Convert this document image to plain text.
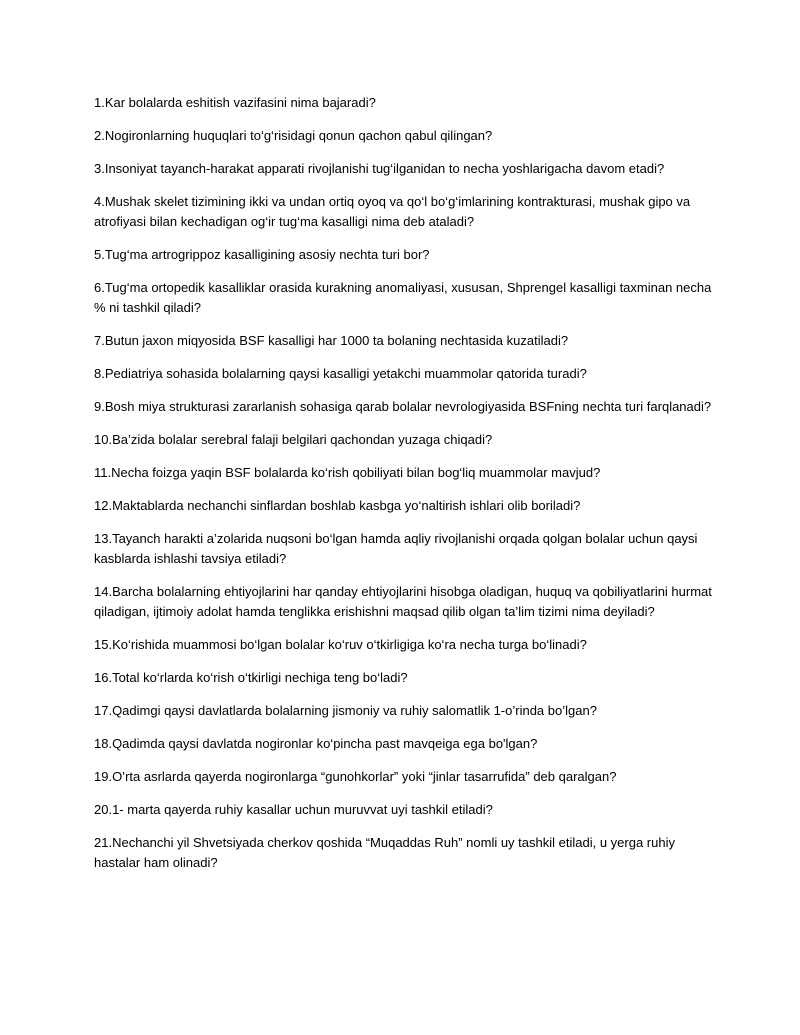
1.Kar bolalarda eshitish vazifasini nima bajaradi?
2.Nogironlarning huquqlari to‘g‘risidagi qonun qachon qabul qilingan?
3.Insoniyat tayanch-harakat apparati rivojlanishi tug‘ilganidan to necha yoshlarigacha davom etadi?
4.Mushak skelet tizimining ikki va undan ortiq oyoq va qo‘l bo‘g‘imlarining kontrakturasi, mushak gipo va atrofiyasi bilan kechadigan og‘ir tug‘ma kasalligi nima deb ataladi?
5.Tug‘ma artrogrippoz kasalligining asosiy nechta turi bor?
6.Tug‘ma ortopedik kasalliklar orasida kurakning anomaliyasi, xususan, Shprengel kasalligi taxminan necha % ni tashkil qiladi?
7.Butun jaxon miqyosida BSF kasalligi har 1000 ta bolaning nechtasida kuzatiladi?
8.Pediatriya sohasida bolalarning qaysi kasalligi yetakchi muammolar qatorida turadi?
9.Bosh miya strukturasi zararlanish sohasiga qarab bolalar nevrologiyasida BSFning nechta turi farqlanadi?
10.Ba’zida bolalar serebral falaji belgilari qachondan yuzaga chiqadi?
11.Necha foizga yaqin BSF bolalarda ko‘rish qobiliyati bilan bog‘liq muammolar mavjud?
12.Maktablarda nechanchi sinflardan boshlab kasbga yo‘naltirish ishlari olib boriladi?
13.Tayanch harakti a’zolarida nuqsoni bo‘lgan hamda aqliy rivojlanishi orqada qolgan bolalar uchun qaysi kasblarda ishlashi tavsiya etiladi?
14.Barcha bolalarning ehtiyojlarini har qanday ehtiyojlarini hisobga oladigan, huquq va qobiliyatlarini hurmat qiladigan, ijtimoiy adolat hamda tenglikka erishishni maqsad qilib olgan ta’lim tizimi nima deyiladi?
15.Ko‘rishida muammosi bo‘lgan bolalar ko‘ruv o‘tkirligiga ko‘ra necha turga bo‘linadi?
16.Total ko‘rlarda ko‘rish o‘tkirligi nechiga teng bo‘ladi?
17.Qadimgi qaysi davlatlarda bolalarning jismoniy va ruhiy salomatlik 1-o’rinda bo’lgan?
18.Qadimda qaysi davlatda nogironlar ko‘pincha past mavqeiga ega bo'lgan?
19.O’rta asrlarda qayerda nogironlarga “gunohkorlar” yoki “jinlar tasarrufida” deb qaralgan?
20.1- marta qayerda ruhiy kasallar uchun muruvvat uyi tashkil etiladi?
21.Nechanchi yil Shvetsiyada cherkov qoshida “Muqaddas Ruh” nomli uy tashkil etiladi, u yerga ruhiy hastalar ham olinadi?
